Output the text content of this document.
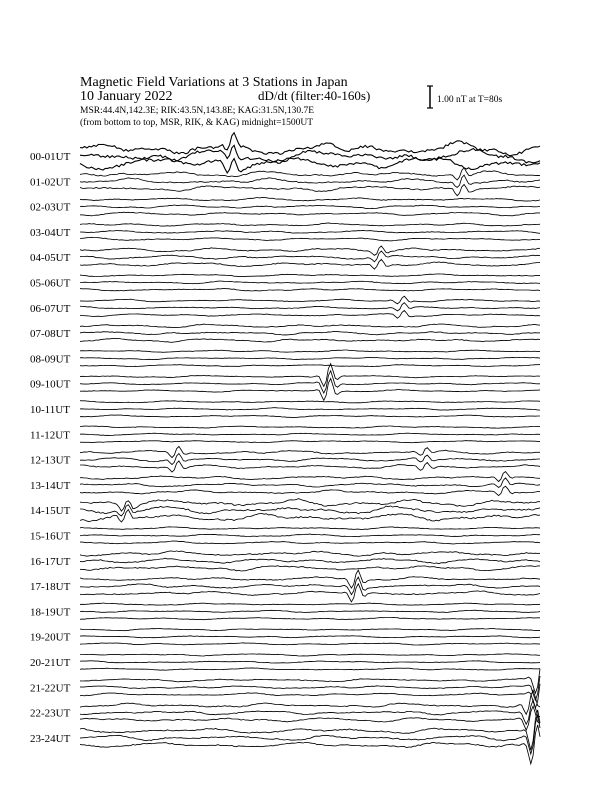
Magnetic Field Variations at 3 Stations in Japan
10 January 2022	dD/dt (filter:40-160s)
MSR:44.4N,142.3E; RIK:43.5N,143.8E; KAG:31.5N,130.7E
(from bottom to top, MSR, RIK, & KAG) midnight=1500UT
1.00 nT at T=80s
00-01UT
01-02UT
02-03UT
03-04UT
04-05UT
05-06UT
06-07UT
07-08UT
08-09UT
09-10UT
10-11UT
11-12UT
12-13UT
13-14UT
14-15UT
15-16UT
16-17UT
17-18UT
18-19UT
19-20UT
20-21UT
21-22UT
22-23UT
23-24UT
